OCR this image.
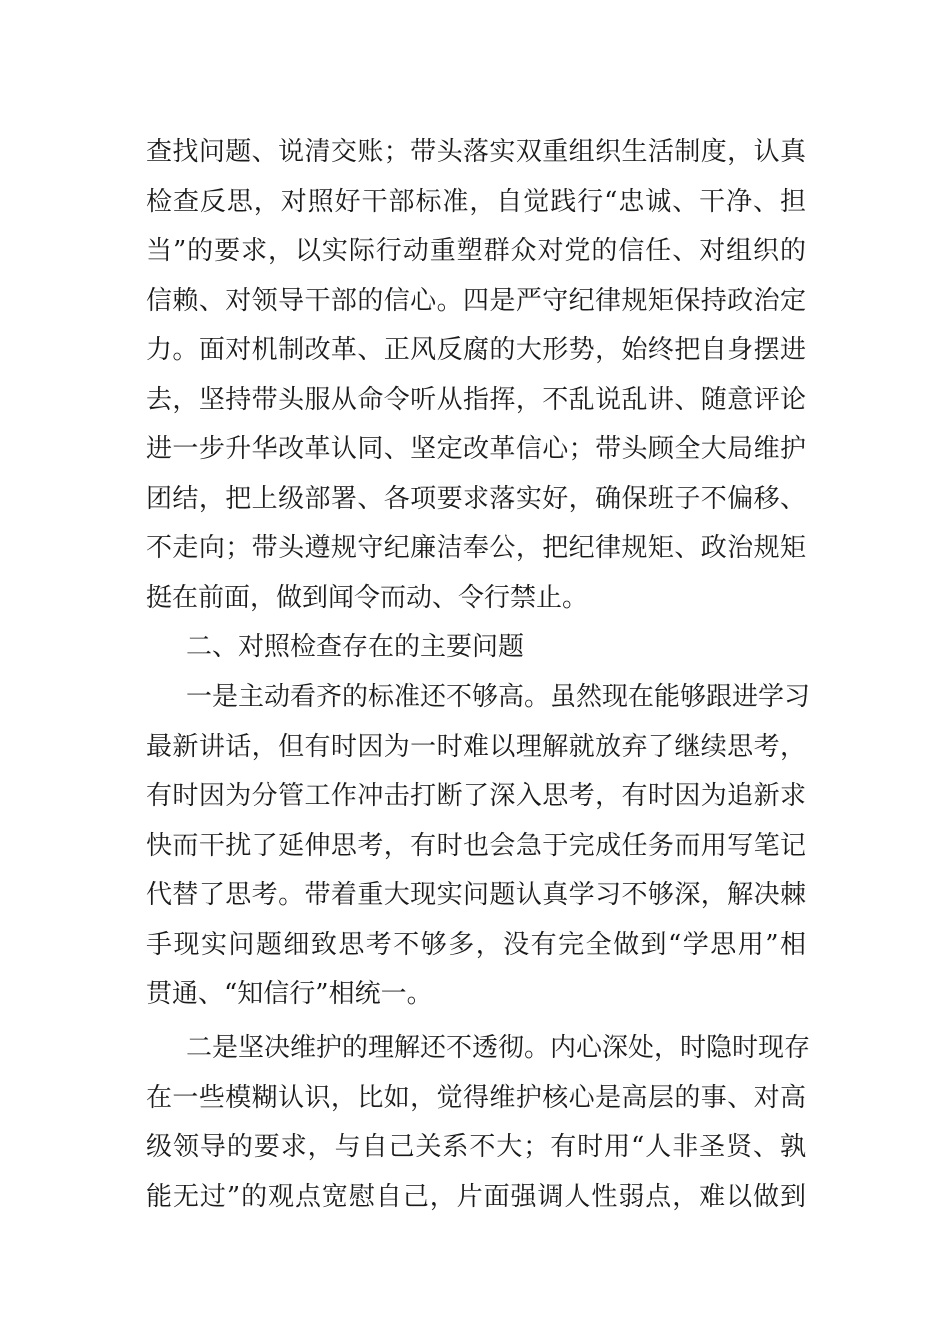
查找问题、说清交账；带头落实双重组织生活制度，认真
检查反思，对照好干部标准，自觉践行“忠诚、干净、担
当”的要求，以实际行动重塑群众对党的信任、对组织的
信赖、对领导干部的信心。四是严守纪律规矩保持政治定
力。面对机制改革、正风反腐的大形势，始终把自身摆进
去，坚持带头服从命令听从指挥，不乱说乱讲、随意评论
进一步升华改革认同、坚定改革信心；带头顾全大局维护
团结，把上级部署、各项要求落实好，确保班子不偏移、
不走向；带头遵规守纪廉洁奉公，把纪律规矩、政治规矩
挺在前面，做到闻令而动、令行禁止。
二、对照检查存在的主要问题
一是主动看齐的标准还不够高。虽然现在能够跟进学习
最新讲话，但有时因为一时难以理解就放弃了继续思考，
有时因为分管工作冲击打断了深入思考，有时因为追新求
快而干扰了延伸思考，有时也会急于完成任务而用写笔记
代替了思考。带着重大现实问题认真学习不够深，解决棘
手现实问题细致思考不够多，没有完全做到“学思用”相
贯通、“知信行”相统一。
二是坚决维护的理解还不透彻。内心深处，时隐时现存
在一些模糊认识，比如，觉得维护核心是高层的事、对高
级领导的要求，与自己关系不大；有时用“人非圣贤、孰
能无过”的观点宽慰自己，片面强调人性弱点，难以做到
